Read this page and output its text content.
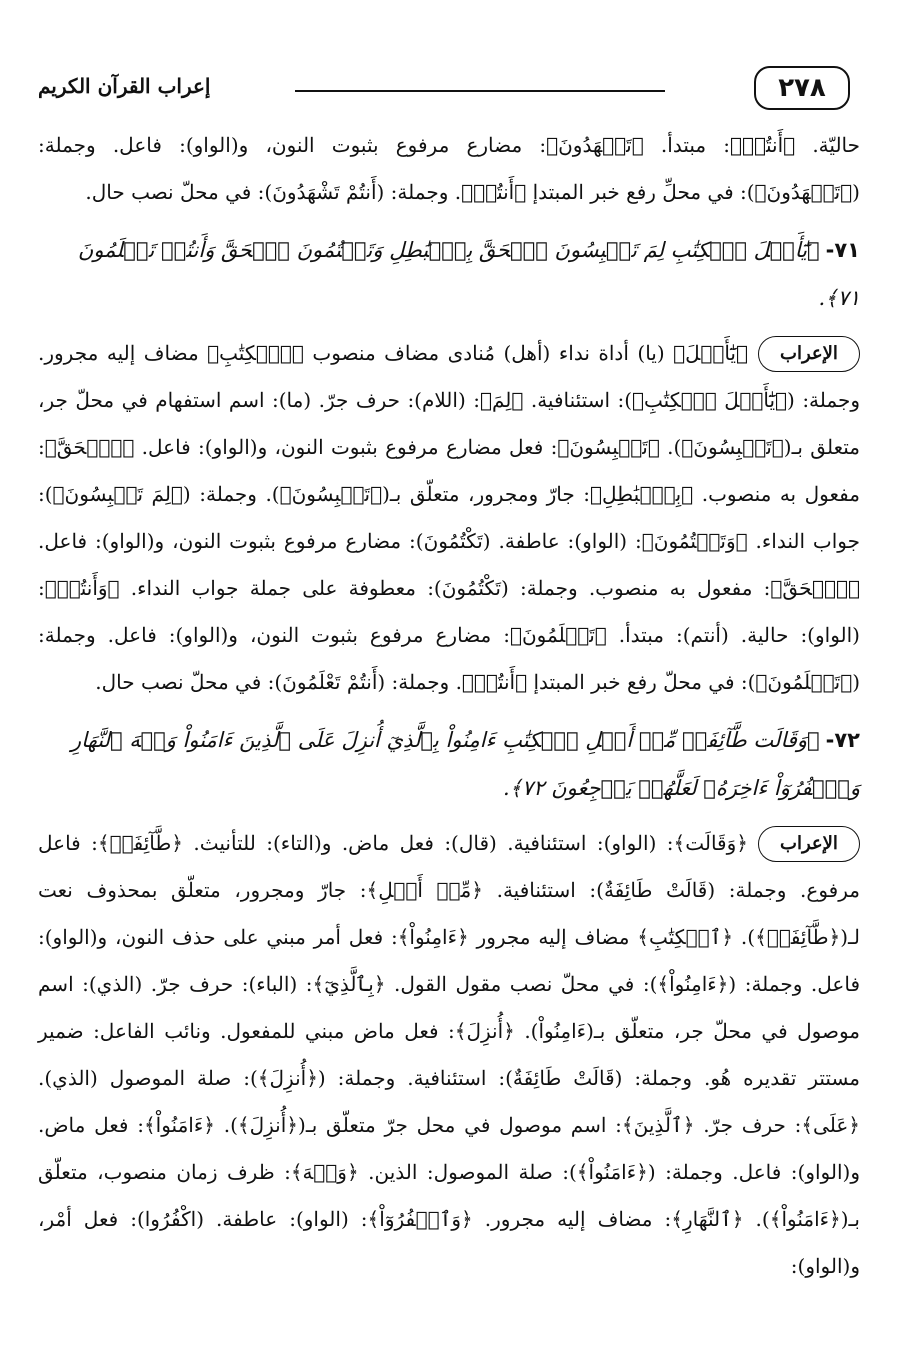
٢٧٨
إعراب القرآن الكريم

حاليّة. ﴿أَنتُمۡ﴾: مبتدأ. ﴿تَشۡهَدُونَ﴾: مضارع مرفوع بثبوت النون، و(الواو): فاعل. وجملة: (﴿تَشۡهَدُونَ﴾): في محلِّ رفع خبر المبتدإ ﴿أَنتُمۡ﴾. وجملة: (أَنتُمْ تَشْهَدُونَ): في محلّ نصب حال.

٧١-﴿يَٰٓأَهۡلَ ٱلۡكِتَٰبِ لِمَ تَلۡبِسُونَ ٱلۡحَقَّ بِٱلۡبَٰطِلِ وَتَكۡتُمُونَ ٱلۡحَقَّ وَأَنتُمۡ تَعۡلَمُونَ ٧١﴾.

الإعراب

﴿يَٰٓأَهۡلَ﴾ (يا) أداة نداء (أهل) مُنادى مضاف منصوب ﴿ٱلۡكِتَٰبِ﴾ مضاف إليه مجرور. وجملة: (﴿يَٰٓأَهۡلَ ٱلۡكِتَٰبِ﴾): استئنافية. ﴿لِمَ﴾: (اللام): حرف جرّ. (ما): اسم استفهام في محلّ جر، متعلق بـ(﴿تَلۡبِسُونَ﴾). ﴿تَلۡبِسُونَ﴾: فعل مضارع مرفوع بثبوت النون، و(الواو): فاعل. ﴿ٱلۡحَقَّ﴾: مفعول به منصوب. ﴿بِٱلۡبَٰطِلِ﴾: جارّ ومجرور، متعلّق بـ(﴿تَلۡبِسُونَ﴾). وجملة: (﴿لِمَ تَلۡبِسُونَ﴾): جواب النداء. ﴿وَتَكۡتُمُونَ﴾: (الواو): عاطفة. (تَكْتُمُونَ): مضارع مرفوع بثبوت النون، و(الواو): فاعل. ﴿ٱلۡحَقَّ﴾: مفعول به منصوب. وجملة: (تَكْتُمُونَ): معطوفة على جملة جواب النداء. ﴿وَأَنتُمۡ﴾: (الواو): حالية. (أنتم): مبتدأ. ﴿تَعۡلَمُونَ﴾: مضارع مرفوع بثبوت النون، و(الواو): فاعل. وجملة: (﴿تَعۡلَمُونَ﴾): في محلّ رفع خبر المبتدإ ﴿أَنتُمۡ﴾. وجملة: (أَنتُمْ تَعْلَمُونَ): في محلّ نصب حال.

٧٢-﴿وَقَالَت طَّآئِفَةٞ مِّنۡ أَهۡلِ ٱلۡكِتَٰبِ ءَامِنُواْ بِٱلَّذِيٓ أُنزِلَ عَلَى ٱلَّذِينَ ءَامَنُواْ وَجۡهَ ٱلنَّهَارِ وَٱكۡفُرُوٓاْ ءَاخِرَهُۥ لَعَلَّهُمۡ يَرۡجِعُونَ ٧٢﴾.

الإعراب

﴿وَقَالَت﴾: (الواو): استئنافية. (قال): فعل ماض. و(التاء): للتأنيث. ﴿طَّآئِفَةٞ﴾: فاعل مرفوع. وجملة: (قَالَتْ طَائِفَةٌ): استئنافية. ﴿مِّنۡ أَهۡلِ﴾: جارّ ومجرور، متعلّق بمحذوف نعت لـ(﴿طَّآئِفَةٞ﴾). ﴿ٱلۡكِتَٰبِ﴾ مضاف إليه مجرور ﴿ءَامِنُواْ﴾: فعل أمر مبني على حذف النون، و(الواو): فاعل. وجملة: (﴿ءَامِنُواْ﴾): في محلّ نصب مقول القول. ﴿بِٱلَّذِيٓ﴾: (الباء): حرف جرّ. (الذي): اسم موصول في محلّ جر، متعلّق بـ(ءَامِنُواْ). ﴿أُنزِلَ﴾: فعل ماض مبني للمفعول. ونائب الفاعل: ضمير مستتر تقديره هُو. وجملة: (قَالَتْ طَائِفَةٌ): استئنافية. وجملة: (﴿أُنزِلَ﴾): صلة الموصول (الذي). ﴿عَلَى﴾: حرف جرّ. ﴿ٱلَّذِينَ﴾: اسم موصول في محل جرّ متعلّق بـ(﴿أُنزِلَ﴾). ﴿ءَامَنُواْ﴾: فعل ماض. و(الواو): فاعل. وجملة: (﴿ءَامَنُواْ﴾): صلة الموصول: الذين. ﴿وَجۡهَ﴾: ظرف زمان منصوب، متعلّق بـ(﴿ءَامَنُواْ﴾). ﴿ٱلنَّهَارِ﴾: مضاف إليه مجرور. ﴿وَٱكۡفُرُوٓاْ﴾: (الواو): عاطفة. (اكْفُرُوا): فعل أمْر، و(الواو):
